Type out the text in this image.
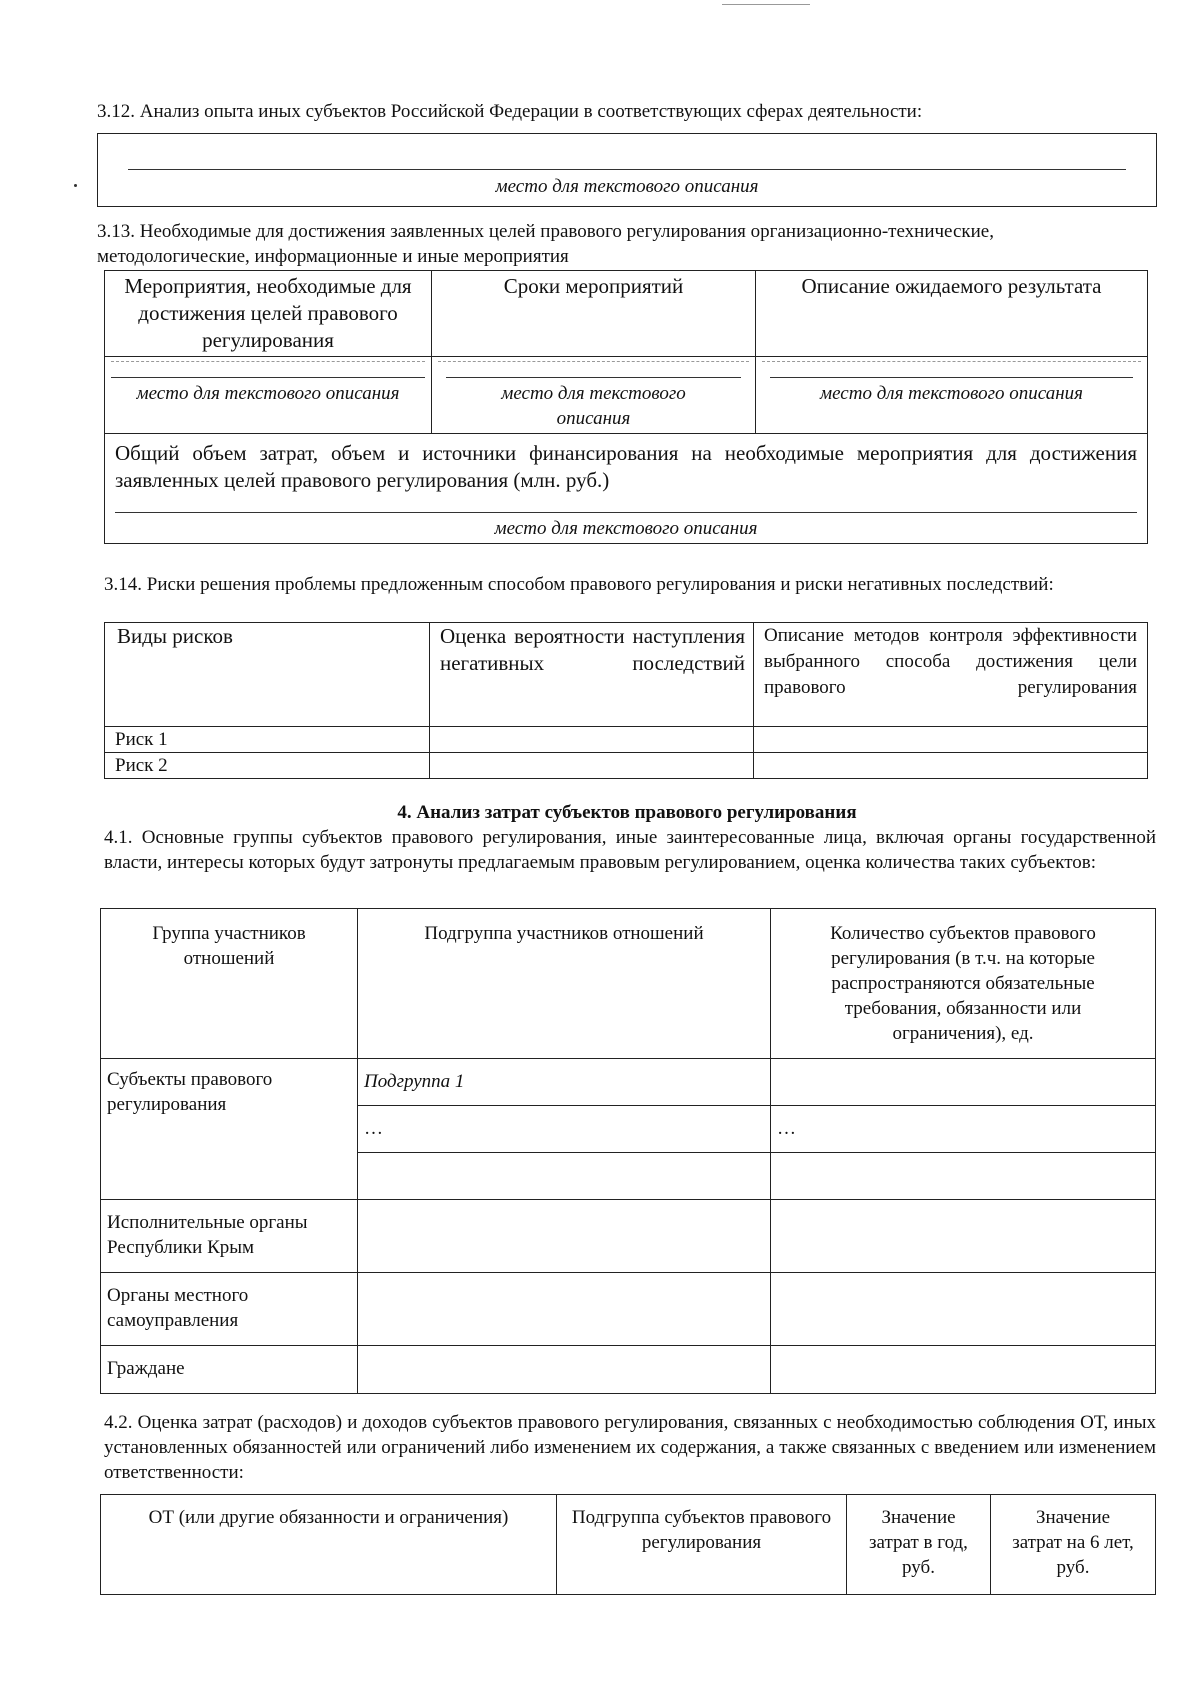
3.12. Анализ опыта иных субъектов Российской Федерации в соответствующих сферах деятельности:
место для текстового описания
3.13. Необходимые для достижения заявленных целей правового регулирования организационно-технические,
методологические, информационные и иные мероприятия
Мероприятия, необходимые для достижения целей правового регулирования	Сроки мероприятий	Описание ожидаемого результата

место для текстового описания	место для текстового описания	место для текстового описания

Общий объем затрат, объем и источники финансирования на необходимые мероприятия для достижения заявленных целей правового регулирования (млн. руб.)
место для текстового описания		
3.14. Риски решения проблемы предложенным способом правового регулирования и риски негативных последствий:
Виды рисков	Оценка вероятности наступления негативных последствий	Описание методов контроля эффективности выбранного способа достижения цели правового регулирования
Риск 1		
Риск 2		
4. Анализ затрат субъектов правового регулирования
4.1. Основные группы субъектов правового регулирования, иные заинтересованные лица, включая органы государственной власти, интересы которых будут затронуты предлагаемым правовым регулированием, оценка количества таких субъектов:
Группа участников отношений	Подгруппа участников отношений	Количество субъектов правового регулирования (в т.ч. на которые распространяются обязательные требования, обязанности или ограничения), ед.
Субъекты правового регулирования	Подгруппа 1	
	…	…

Исполнительные органы Республики Крым		
Органы местного самоуправления		
Граждане		
4.2. Оценка затрат (расходов) и доходов субъектов правового регулирования, связанных с необходимостью соблюдения ОТ, иных установленных обязанностей или ограничений либо изменением их содержания, а также связанных с введением или изменением ответственности:
ОТ (или другие обязанности и ограничения)	Подгруппа субъектов правового регулирования	Значение затрат в год, руб.	Значение затрат на 6 лет, руб.
